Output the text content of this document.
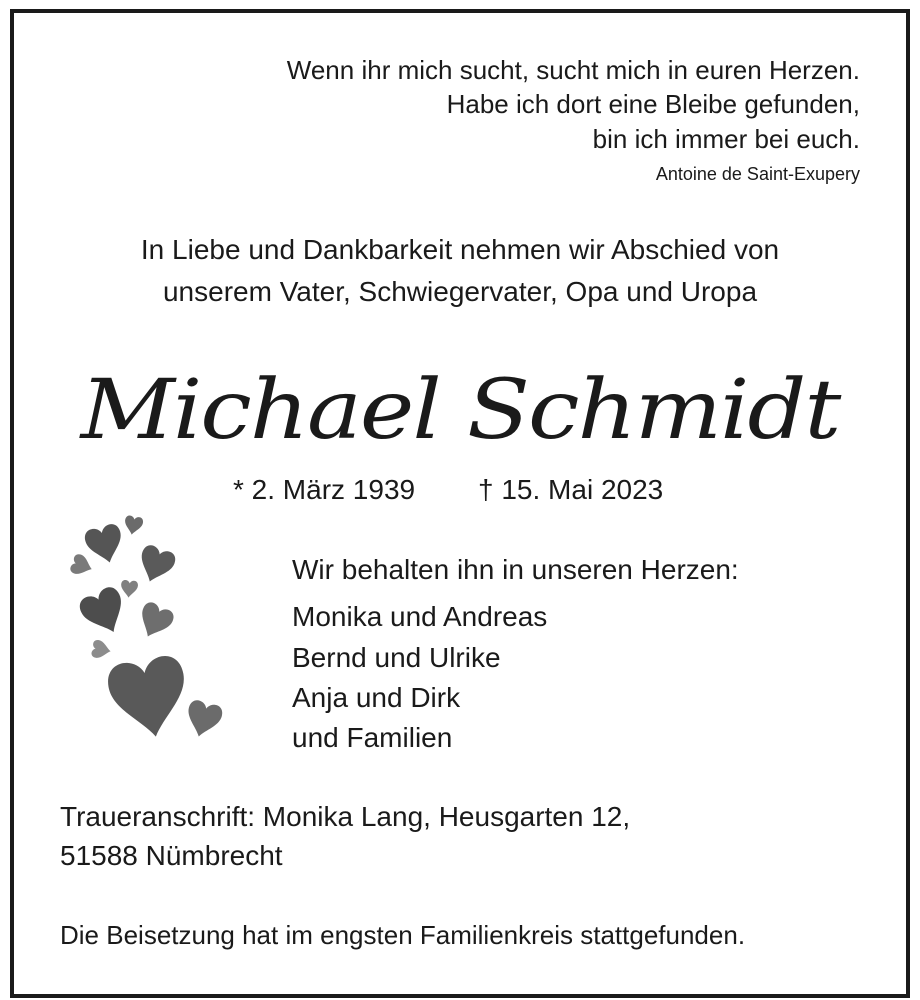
Wenn ihr mich sucht, sucht mich in euren Herzen.
Habe ich dort eine Bleibe gefunden,
bin ich immer bei euch.
Antoine de Saint-Exupery
In Liebe und Dankbarkeit nehmen wir Abschied von
unserem Vater, Schwiegervater, Opa und Uropa
Michael Schmidt
* 2. März 1939 † 15. Mai 2023
Wir behalten ihn in unseren Herzen:
Monika und Andreas
Bernd und Ulrike
Anja und Dirk
und Familien
Traueranschrift: Monika Lang, Heusgarten 12,
51588 Nümbrecht
Die Beisetzung hat im engsten Familienkreis stattgefunden.
